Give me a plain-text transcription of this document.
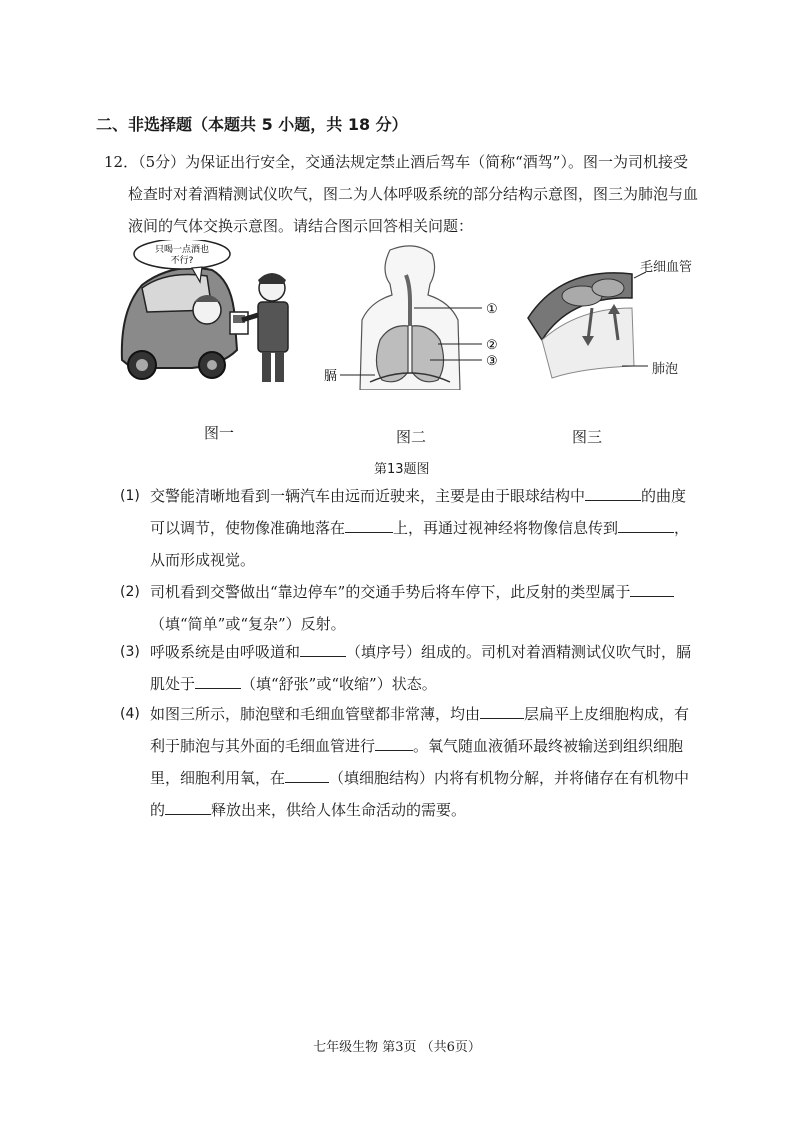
二、非选择题（本题共 5 小题，共 18 分）
12．（5分）为保证出行安全，交通法规定禁止酒后驾车（简称“酒驾”）。图一为司机接受
检查时对着酒精测试仪吹气，图二为人体呼吸系统的部分结构示意图，图三为肺泡与血
液间的气体交换示意图。请结合图示回答相关问题：
只喝一点酒也
不行?
①
②
③
膈
毛细血管
肺泡
图一	图二	图三
第13题图
(1) 交警能清晰地看到一辆汽车由远而近驶来，主要是由于眼球结构中	的曲度
可以调节，使物像准确地落在	上，再通过视神经将物像信息传到	，
从而形成视觉。
(2) 司机看到交警做出“靠边停车”的交通手势后将车停下，此反射的类型属于
（填“简单”或“复杂”）反射。
(3) 呼吸系统是由呼吸道和	（填序号）组成的。司机对着酒精测试仪吹气时，膈
肌处于	（填“舒张”或“收缩”）状态。
(4) 如图三所示，肺泡壁和毛细血管壁都非常薄，均由	层扁平上皮细胞构成，有
利于肺泡与其外面的毛细血管进行	。氧气随血液循环最终被输送到组织细胞
里，细胞利用氧，在	（填细胞结构）内将有机物分解，并将储存在有机物中
的	释放出来，供给人体生命活动的需要。
七年级生物 第3页 （共6页）
